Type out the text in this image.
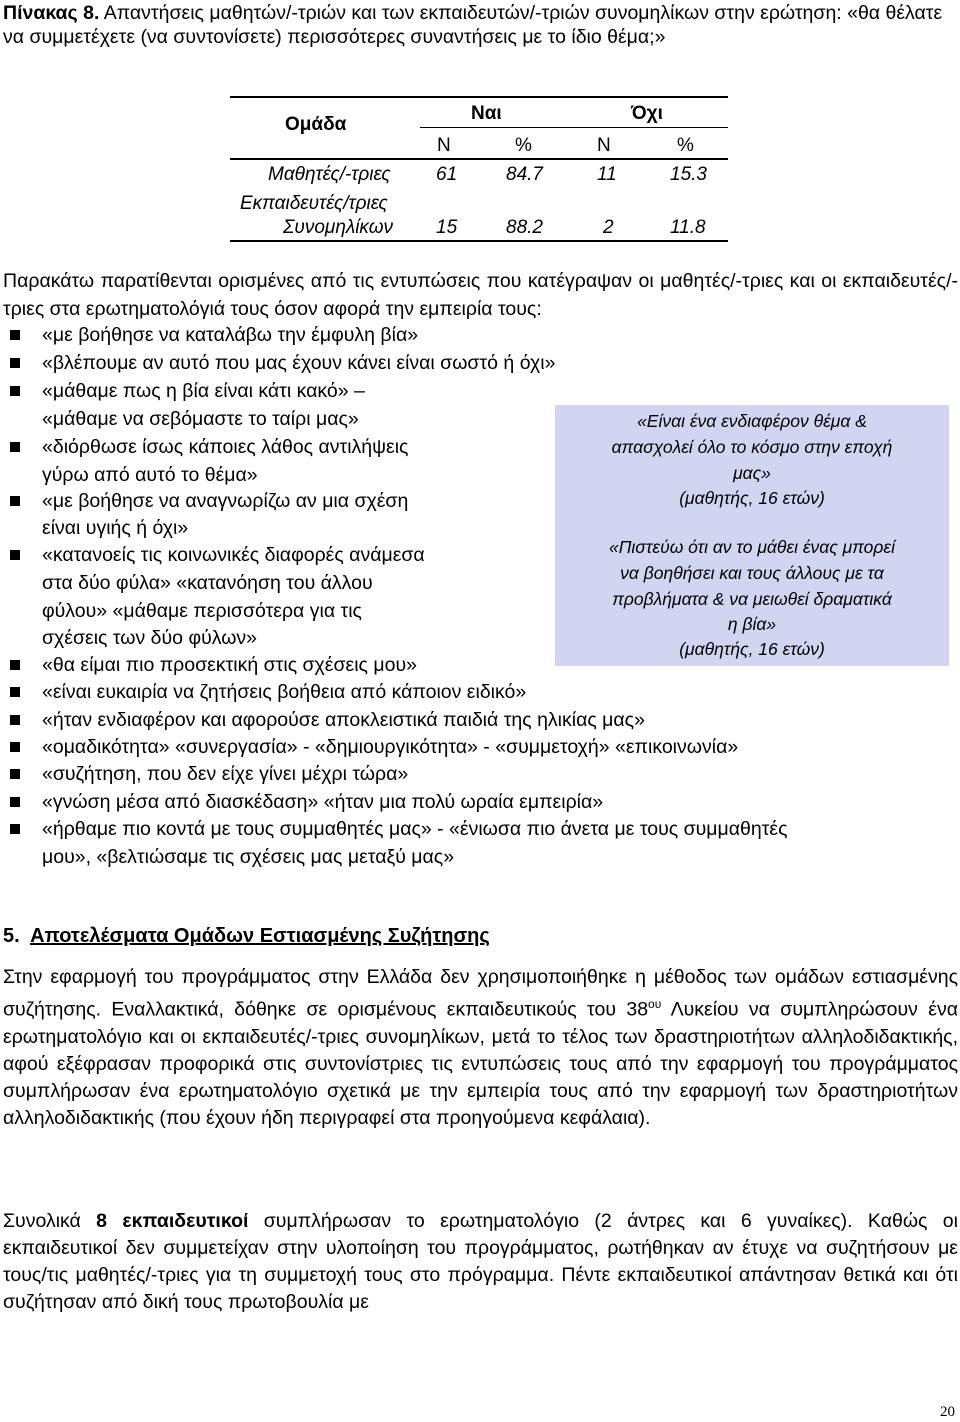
Πίνακας 8. Απαντήσεις μαθητών/-τριών και των εκπαιδευτών/-τριών συνομηλίκων στην ερώτηση: «θα θέλατε να συμμετέχετε (να συντονίσετε) περισσότερες συναντήσεις με το ίδιο θέμα;»
Ομάδα
Ναι	Όχι
N	%	N	%
Μαθητές/-τριες 61	84.7	11	15.3
Εκπαιδευτές/τριες
Συνομηλίκων 15	88.2	2	11.8
Παρακάτω παρατίθενται ορισμένες από τις εντυπώσεις που κατέγραψαν οι μαθητές/-τριες και οι εκπαιδευτές/-τριες στα ερωτηματολόγιά τους όσον αφορά την εμπειρία τους:
«Είναι ένα ενδιαφέρον θέμα &
απασχολεί όλο το κόσμο στην εποχή
μας»
(μαθητής, 16 ετών)
«Πιστεύω ότι αν το μάθει ένας μπορεί
να βοηθήσει και τους άλλους με τα
προβλήματα & να μειωθεί δραματικά
η βία»
(μαθητής, 16 ετών)
«με βοήθησε να καταλάβω την έμφυλη βία»
«βλέπουμε αν αυτό που μας έχουν κάνει είναι σωστό ή όχι»
«μάθαμε πως η βία είναι κάτι κακό» –
«μάθαμε να σεβόμαστε το ταίρι μας»
«διόρθωσε ίσως κάποιες λάθος αντιλήψεις
γύρω από αυτό το θέμα»
«με βοήθησε να αναγνωρίζω αν μια σχέση
είναι υγιής ή όχι»
«κατανοείς τις κοινωνικές διαφορές ανάμεσα
στα δύο φύλα» «κατανόηση του άλλου
φύλου» «μάθαμε περισσότερα για τις
σχέσεις των δύο φύλων»
«θα είμαι πιο προσεκτική στις σχέσεις μου»
«είναι ευκαιρία να ζητήσεις βοήθεια από κάποιον ειδικό»
«ήταν ενδιαφέρον και αφορούσε αποκλειστικά παιδιά της ηλικίας μας»
«ομαδικότητα» «συνεργασία» - «δημιουργικότητα» - «συμμετοχή» «επικοινωνία»
«συζήτηση, που δεν είχε γίνει μέχρι τώρα»
«γνώση μέσα από διασκέδαση» «ήταν μια πολύ ωραία εμπειρία»
«ήρθαμε πιο κοντά με τους συμμαθητές μας» - «ένιωσα πιο άνετα με τους συμμαθητές
μου», «βελτιώσαμε τις σχέσεις μας μεταξύ μας»
5. Αποτελέσματα Ομάδων Εστιασμένης Συζήτησης
Στην εφαρμογή του προγράμματος στην Ελλάδα δεν χρησιμοποιήθηκε η μέθοδος των ομάδων εστιασμένης συζήτησης. Εναλλακτικά, δόθηκε σε ορισμένους εκπαιδευτικούς του $38^{o\upsilon}$ Λυκείου να συμπληρώσουν ένα ερωτηματολόγιο και οι εκπαιδευτές/-τριες συνομηλίκων, μετά το τέλος των δραστηριοτήτων αλληλοδιδακτικής, αφού εξέφρασαν προφορικά στις συντονίστριες τις εντυπώσεις τους από την εφαρμογή του προγράμματος συμπλήρωσαν ένα ερωτηματολόγιο σχετικά με την εμπειρία τους από την εφαρμογή των δραστηριοτήτων αλληλοδιδακτικής (που έχουν ήδη περιγραφεί στα προηγούμενα κεφάλαια).
Συνολικά 8 εκπαιδευτικοί συμπλήρωσαν το ερωτηματολόγιο (2 άντρες και 6 γυναίκες). Καθώς οι εκπαιδευτικοί δεν συμμετείχαν στην υλοποίηση του προγράμματος, ρωτήθηκαν αν έτυχε να συζητήσουν με τους/τις μαθητές/-τριες για τη συμμετοχή τους στο πρόγραμμα. Πέντε εκπαιδευτικοί απάντησαν θετικά και ότι συζήτησαν από δική τους πρωτοβουλία με
20
